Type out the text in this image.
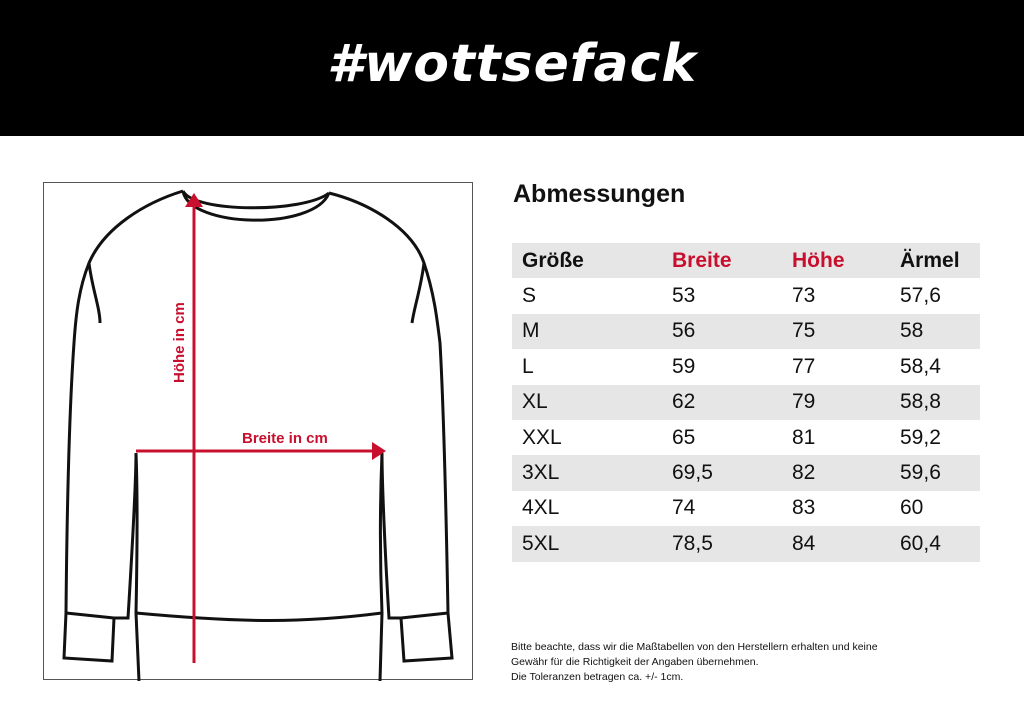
#wottsefack
Höhe in cm
Breite in cm
Abmessungen
Größe	Breite	Höhe	Ärmel
S	53	73	57,6
M	56	75	58
L	59	77	58,4
XL	62	79	58,8
XXL	65	81	59,2
3XL	69,5	82	59,6
4XL	74	83	60
5XL	78,5	84	60,4
Bitte beachte, dass wir die Maßtabellen von den Herstellern erhalten und keine
Gewähr für die Richtigkeit der Angaben übernehmen.
Die Toleranzen betragen ca. +/- 1cm.
